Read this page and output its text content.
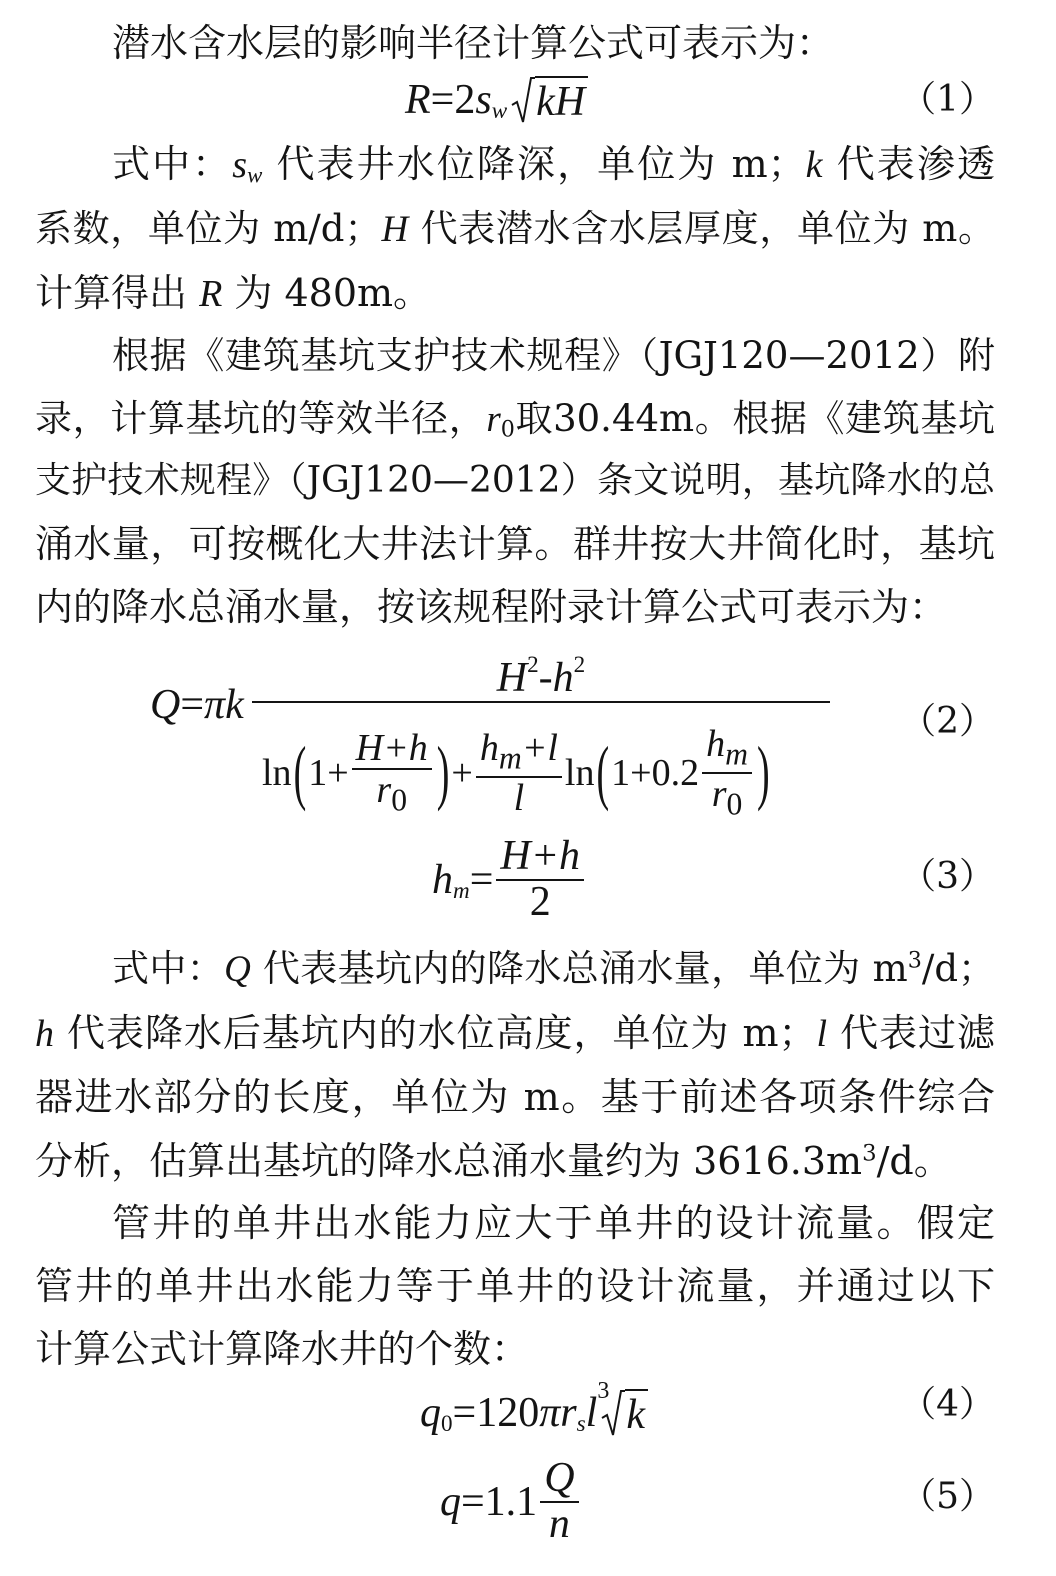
潜水含水层的影响半径计算公式可表示为：
R =2 $s_w$ kH	（1）
式中：$s_w$ 代表井水位降深，单位为 m；k 代表渗透
系数，单位为 m/d；H 代表潜水含水层厚度，单位为 m。
计算得出 R 为 480m。
根据《建筑基坑支护技术规程》（JGJ120—2012）附
录，计算基坑的等效半径，$r_0$取30.44m。根据《建筑基坑
支护技术规程》（JGJ120—2012）条文说明，基坑降水的总
涌水量，可按概化大井法计算。群井按大井简化时，基坑
内的降水总涌水量，按该规程附录计算公式可表示为：
Q=πk
$H^2-h^2$
ln ( $1+ \frac{H+h}{r_0}$ ) + $\frac{h_m+l}{l}$ ln ( $1+0.2 \frac{h_m}{r_0}$ )
（2）
$h_m = \frac{H+h}{2}$	（3）
式中：Q 代表基坑内的降水总涌水量，单位为 $m^3/d$；
h 代表降水后基坑内的水位高度，单位为 m；l 代表过滤
器进水部分的长度，单位为 m。基于前述各项条件综合
分析，估算出基坑的降水总涌水量约为 $3616.3m^3/d$。
管井的单井出水能力应大于单井的设计流量。假定
管井的单井出水能力等于单井的设计流量，并通过以下
计算公式计算降水井的个数：
$q_0 =120$ π $r_s$ l 3
k	（4）
$q =1.1 \frac{Q}{n}$	（5）
